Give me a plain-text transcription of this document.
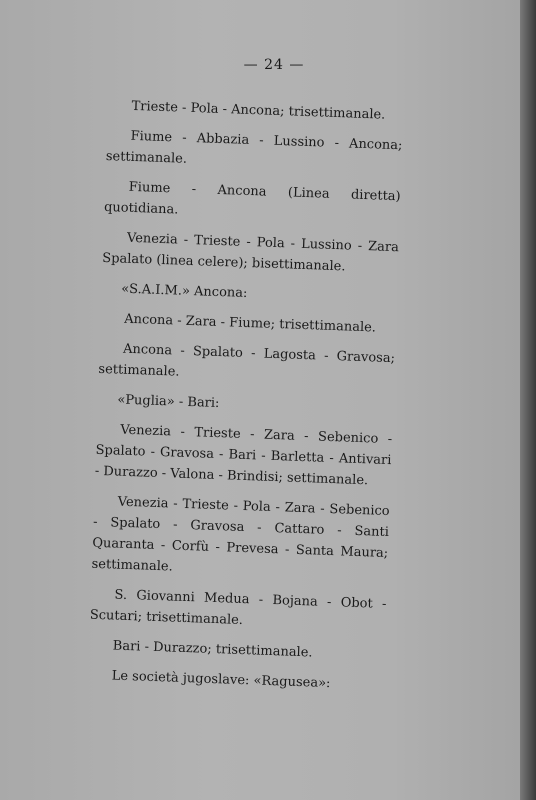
— 24 —

Trieste - Pola - Ancona; trisettimanale.

Fiume - Abbazia - Lussino - Ancona; settimanale.

Fiume - Ancona (Linea diretta) quotidiana.

Venezia - Trieste - Pola - Lussino - Zara Spalato (linea celere); bisettimanale.

«S.A.I.M.» Ancona:

Ancona - Zara - Fiume; trisettimanale.

Ancona - Spalato - Lagosta - Gravosa; settimanale.

«Puglia» - Bari:

Venezia - Trieste - Zara - Sebenico - Spalato - Gravosa - Bari - Barletta - Antivari - Durazzo - Valona - Brindisi; settimanale.

Venezia - Trieste - Pola - Zara - Sebenico - Spalato - Gravosa - Cattaro - Santi Quaranta - Corfù - Prevesa - Santa Maura; settimanale.

S. Giovanni Medua - Bojana - Obot - Scutari; trisettimanale.

Bari - Durazzo; trisettimanale.

Le società jugoslave: «Ragusea»:
